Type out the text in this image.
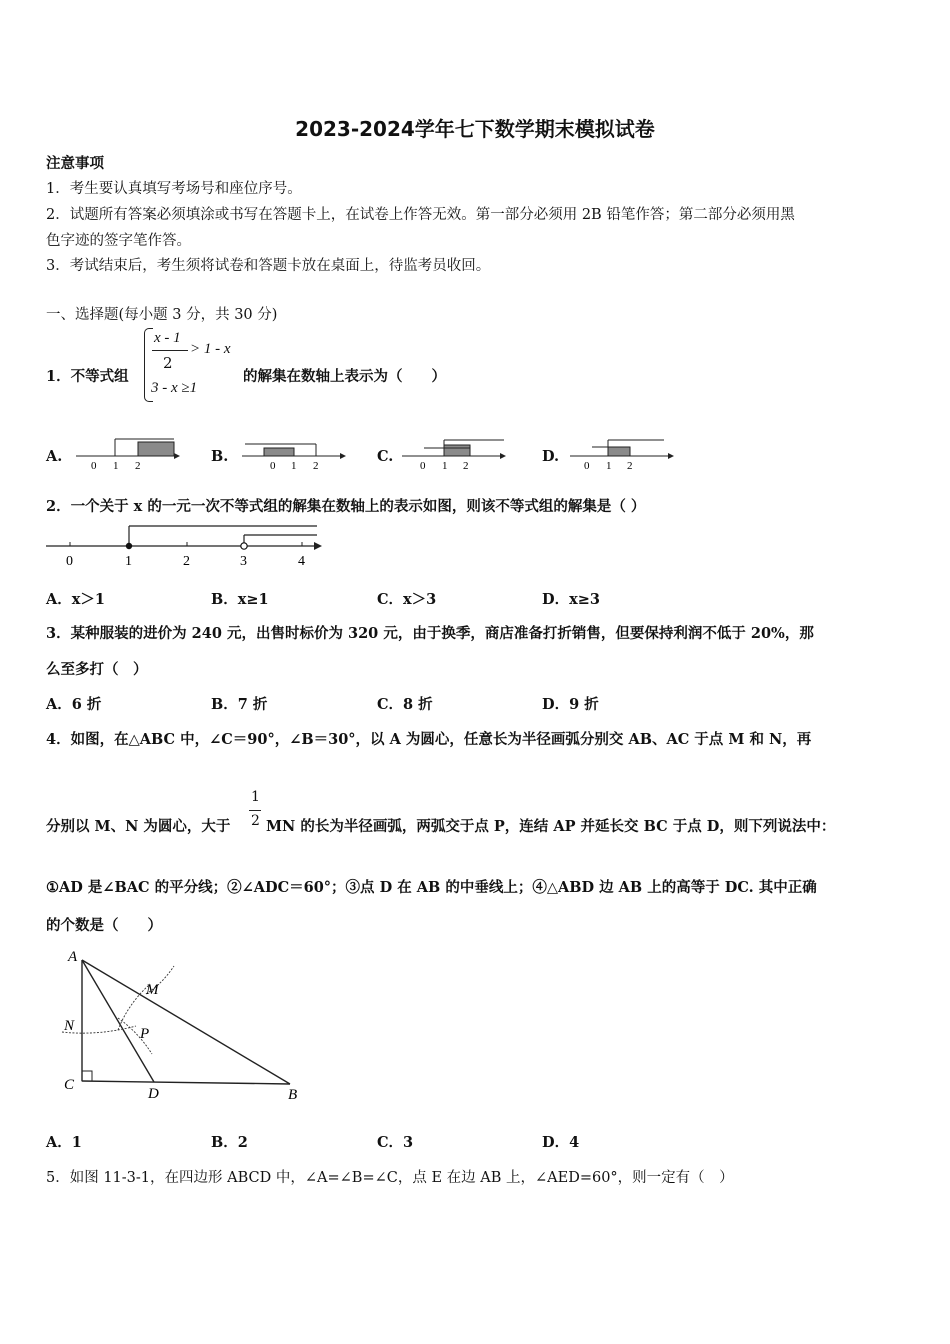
2023-2024学年七下数学期末模拟试卷
注意事项
1．考生要认真填写考场号和座位序号。
2．试题所有答案必须填涂或书写在答题卡上，在试卷上作答无效。第一部分必须用 2B 铅笔作答；第二部分必须用黑
色字迹的签字笔作答。
3．考试结束后，考生须将试卷和答题卡放在桌面上，待监考员收回。
一、选择题(每小题 3 分，共 30 分)
1．不等式组
x - 1
2
> 1 - x
3 - x ≥1
的解集在数轴上表示为（　　）
A.
0 1 2
B.
0 1 2
C.
0 1 2
D.
0 1 2
2．一个关于 x 的一元一次不等式组的解集在数轴上的表示如图，则该不等式组的解集是（ ）
0	1	2	3	4
A．x＞1	B．x≥1	C．x＞3	D．x≥3
3．某种服装的进价为 240 元，出售时标价为 320 元，由于换季，商店准备打折销售，但要保持利润不低于 20%，那
么至多打（　）
A．6 折	B．7 折	C．8 折	D．9 折
4．如图，在△ABC 中，∠C＝90°，∠B＝30°，以 A 为圆心，任意长为半径画弧分别交 AB、AC 于点 M 和 N，再
1
2
分别以 M、N 为圆心，大于 MN 的长为半径画弧，两弧交于点 P，连结 AP 并延长交 BC 于点 D，则下列说法中：
①AD 是∠BAC 的平分线；②∠ADC＝60°；③点 D 在 AB 的中垂线上；④△ABD 边 AB 上的高等于 DC. 其中正确
的个数是（　　）
A
M
N	P
C
D	B
A．1	B．2	C．3	D．4
5．如图 11-3-1，在四边形 ABCD 中，∠A=∠B=∠C，点 E 在边 AB 上，∠AED=60°，则一定有（　）
